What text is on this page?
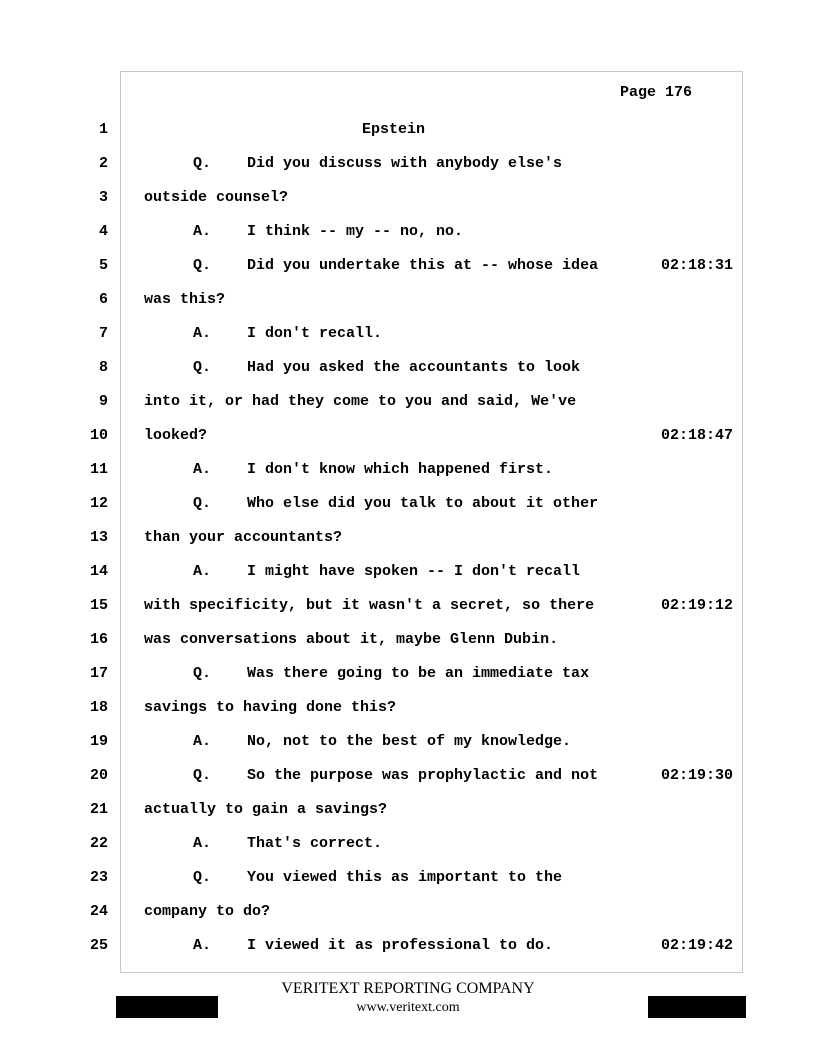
Page 176
1	Epstein
2	Q.    Did you discuss with anybody else's
3 outside counsel?
4	A.    I think -- my -- no, no.
5	Q.    Did you undertake this at -- whose idea	02:18:31
6 was this?
7	A.    I don't recall.
8	Q.    Had you asked the accountants to look
9 into it, or had they come to you and said, We've
10 looked?	02:18:47
11	A.    I don't know which happened first.
12	Q.    Who else did you talk to about it other
13 than your accountants?
14	A.    I might have spoken -- I don't recall
15 with specificity, but it wasn't a secret, so there	02:19:12
16 was conversations about it, maybe Glenn Dubin.
17	Q.    Was there going to be an immediate tax
18 savings to having done this?
19	A.    No, not to the best of my knowledge.
20	Q.    So the purpose was prophylactic and not	02:19:30
21 actually to gain a savings?
22	A.    That's correct.
23	Q.    You viewed this as important to the
24 company to do?
25	A.    I viewed it as professional to do.	02:19:42
VERITEXT REPORTING COMPANY
www.veritext.com
